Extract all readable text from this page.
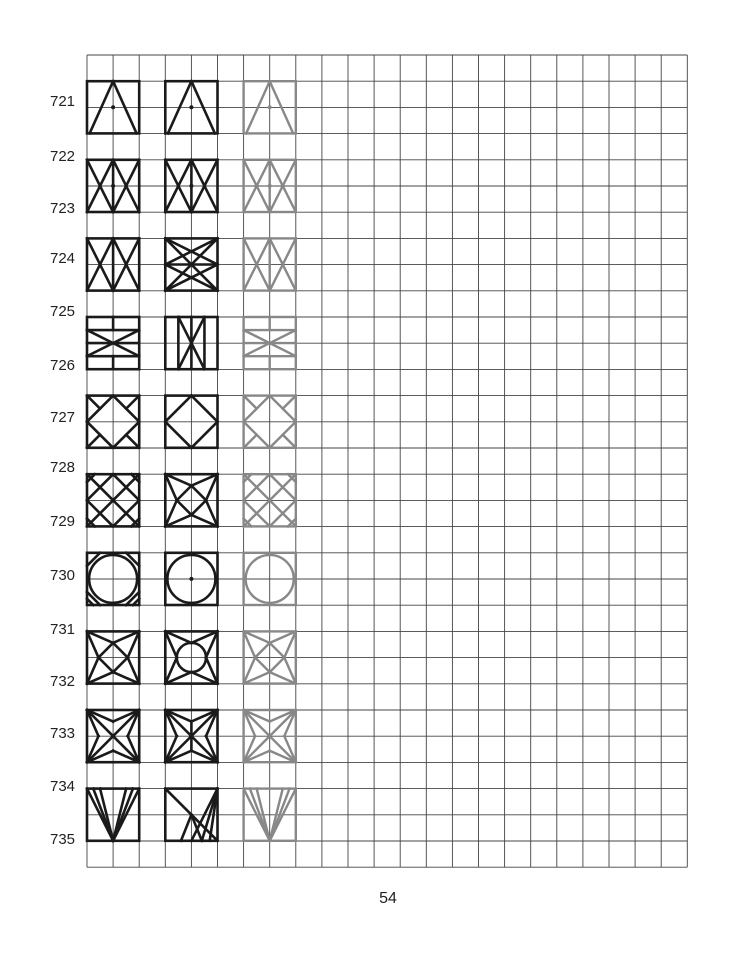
721
722
723
724
725
726
727
728
729
730
731
732
733
734
735
54
